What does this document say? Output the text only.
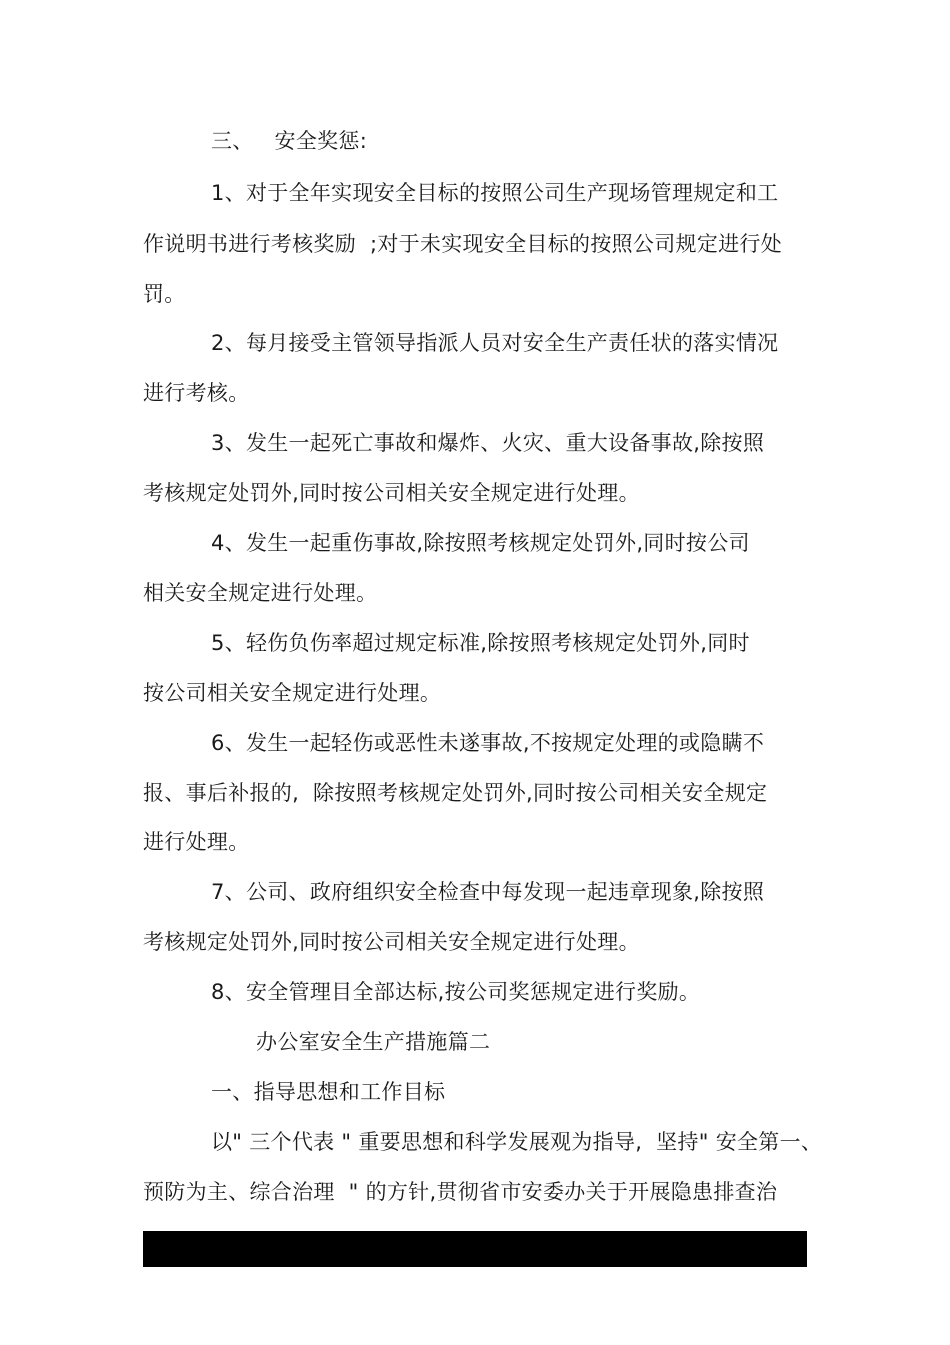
三、   安全奖惩:
1、对于全年实现安全目标的按照公司生产现场管理规定和工
作说明书进行考核奖励  ;对于未实现安全目标的按照公司规定进行处
罚。
2、每月接受主管领导指派人员对安全生产责任状的落实情况
进行考核。
3、发生一起死亡事故和爆炸、火灾、重大设备事故,除按照
考核规定处罚外,同时按公司相关安全规定进行处理。
4、发生一起重伤事故,除按照考核规定处罚外,同时按公司
相关安全规定进行处理。
5、轻伤负伤率超过规定标准,除按照考核规定处罚外,同时
按公司相关安全规定进行处理。
6、发生一起轻伤或恶性未遂事故,不按规定处理的或隐瞒不
报、事后补报的,  除按照考核规定处罚外,同时按公司相关安全规定
进行处理。
7、公司、政府组织安全检查中每发现一起违章现象,除按照
考核规定处罚外,同时按公司相关安全规定进行处理。
8、安全管理目全部达标,按公司奖惩规定进行奖励。
办公室安全生产措施篇二
一、指导思想和工作目标
以" 三个代表 " 重要思想和科学发展观为指导,  坚持" 安全第一、
预防为主、综合治理  " 的方针,贯彻省市安委办关于开展隐患排查治
